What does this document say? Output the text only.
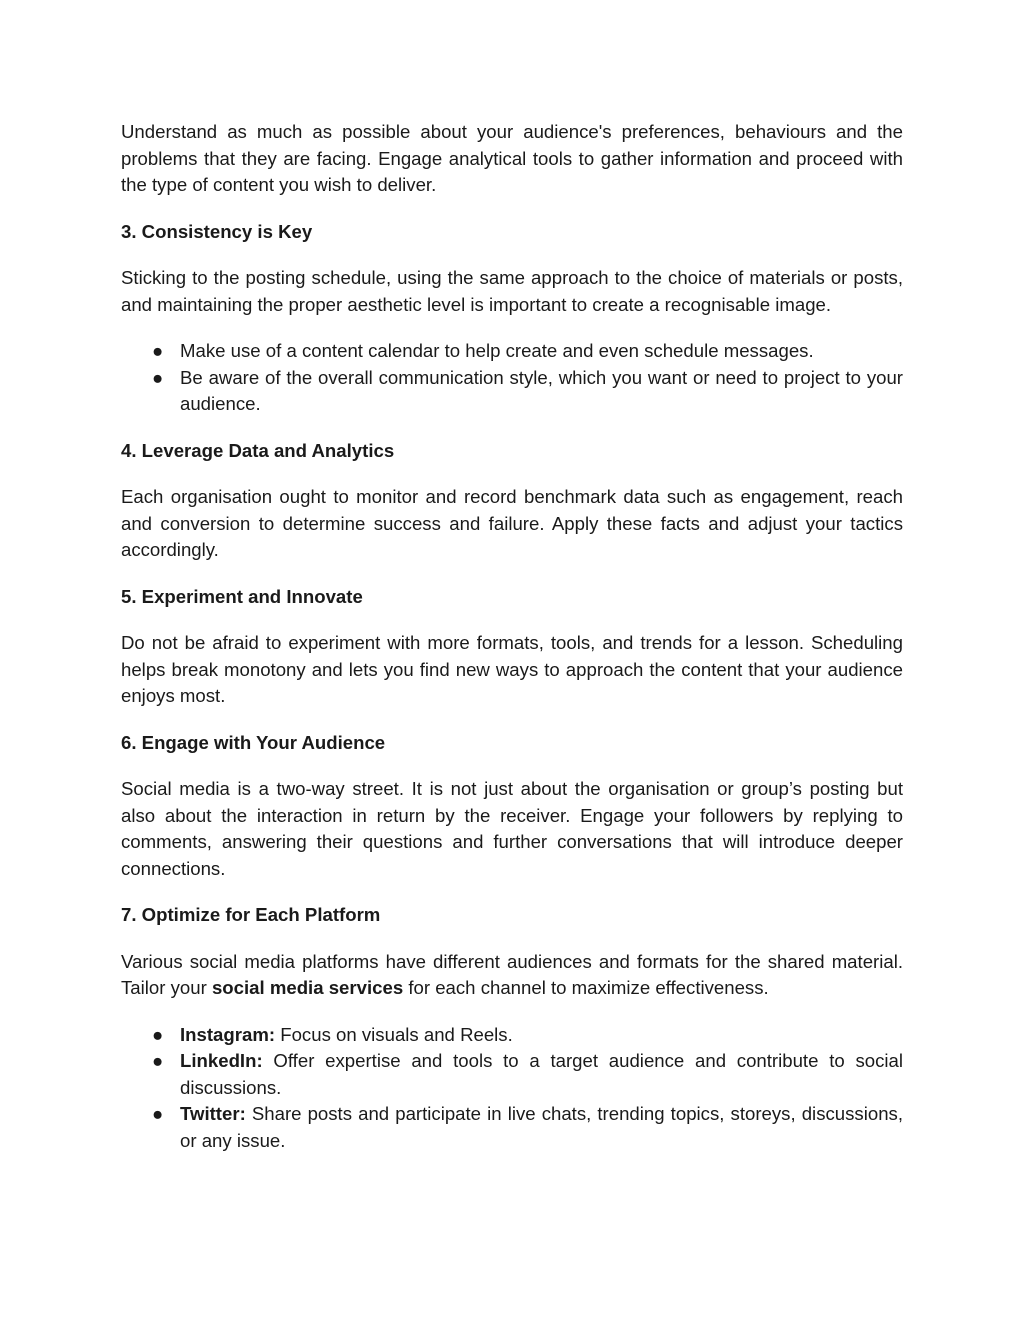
Understand as much as possible about your audience's preferences, behaviours and the problems that they are facing. Engage analytical tools to gather information and proceed with the type of content you wish to deliver.

3. Consistency is Key

Sticking to the posting schedule, using the same approach to the choice of materials or posts, and maintaining the proper aesthetic level is important to create a recognisable image.

● Make use of a content calendar to help create and even schedule messages.
● Be aware of the overall communication style, which you want or need to project to your audience.
4. Leverage Data and Analytics

Each organisation ought to monitor and record benchmark data such as engagement, reach and conversion to determine success and failure. Apply these facts and adjust your tactics accordingly.

5. Experiment and Innovate

Do not be afraid to experiment with more formats, tools, and trends for a lesson. Scheduling helps break monotony and lets you find new ways to approach the content that your audience enjoys most.

6. Engage with Your Audience

Social media is a two-way street. It is not just about the organisation or group’s posting but also about the interaction in return by the receiver. Engage your followers by replying to comments, answering their questions and further conversations that will introduce deeper connections.

7. Optimize for Each Platform

Various social media platforms have different audiences and formats for the shared material. Tailor your social media services for each channel to maximize effectiveness.

● Instagram: Focus on visuals and Reels.
● LinkedIn: Offer expertise and tools to a target audience and contribute to social discussions.
● Twitter: Share posts and participate in live chats, trending topics, storeys, discussions, or any issue.
